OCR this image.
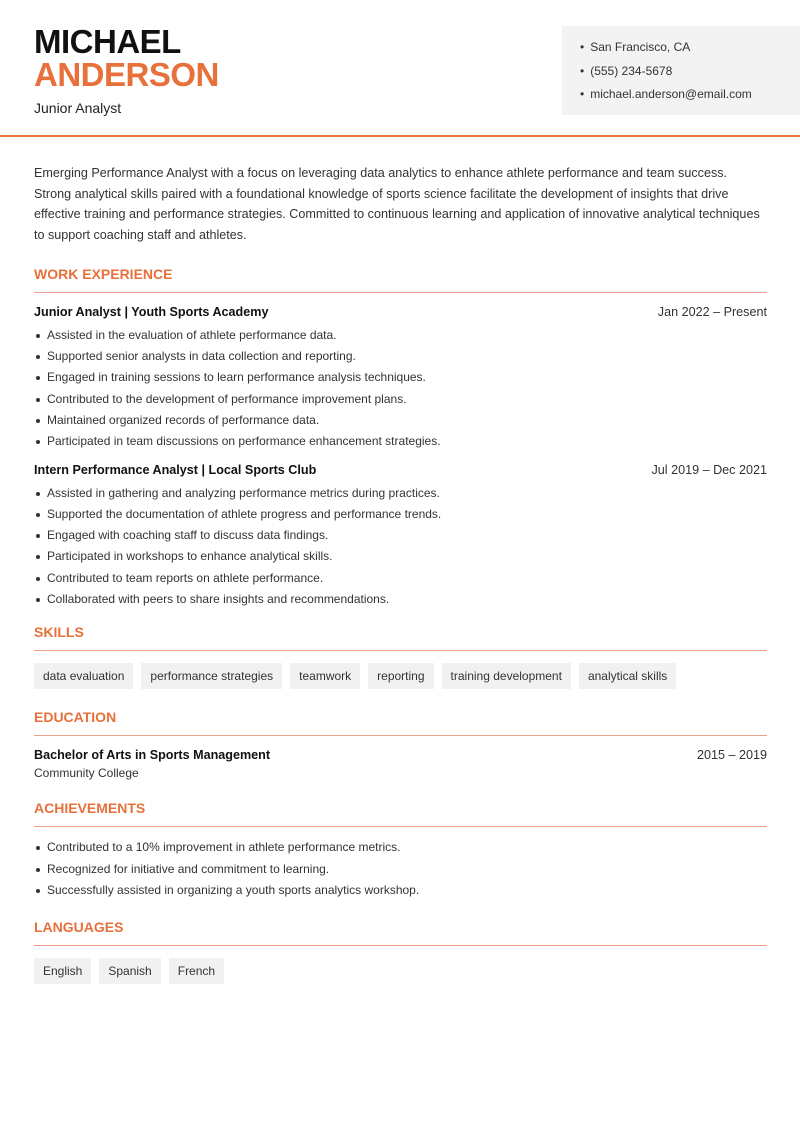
MICHAEL
ANDERSON
Junior Analyst
• San Francisco, CA
• (555) 234-5678
• michael.anderson@email.com

Emerging Performance Analyst with a focus on leveraging data analytics to enhance athlete performance and team success. Strong analytical skills paired with a foundational knowledge of sports science facilitate the development of insights that drive effective training and performance strategies. Committed to continuous learning and application of innovative analytical techniques to support coaching staff and athletes.

WORK EXPERIENCE
Junior Analyst | Youth Sports Academy	Jan 2022 – Present
Assisted in the evaluation of athlete performance data.
Supported senior analysts in data collection and reporting.
Engaged in training sessions to learn performance analysis techniques.
Contributed to the development of performance improvement plans.
Maintained organized records of performance data.
Participated in team discussions on performance enhancement strategies.
Intern Performance Analyst | Local Sports Club	Jul 2019 – Dec 2021
Assisted in gathering and analyzing performance metrics during practices.
Supported the documentation of athlete progress and performance trends.
Engaged with coaching staff to discuss data findings.
Participated in workshops to enhance analytical skills.
Contributed to team reports on athlete performance.
Collaborated with peers to share insights and recommendations.
SKILLS
data evaluation	performance strategies	teamwork	reporting	training development	analytical skills
EDUCATION
Bachelor of Arts in Sports Management	2015 – 2019
Community College
ACHIEVEMENTS
Contributed to a 10% improvement in athlete performance metrics.
Recognized for initiative and commitment to learning.
Successfully assisted in organizing a youth sports analytics workshop.
LANGUAGES
English	Spanish	French
